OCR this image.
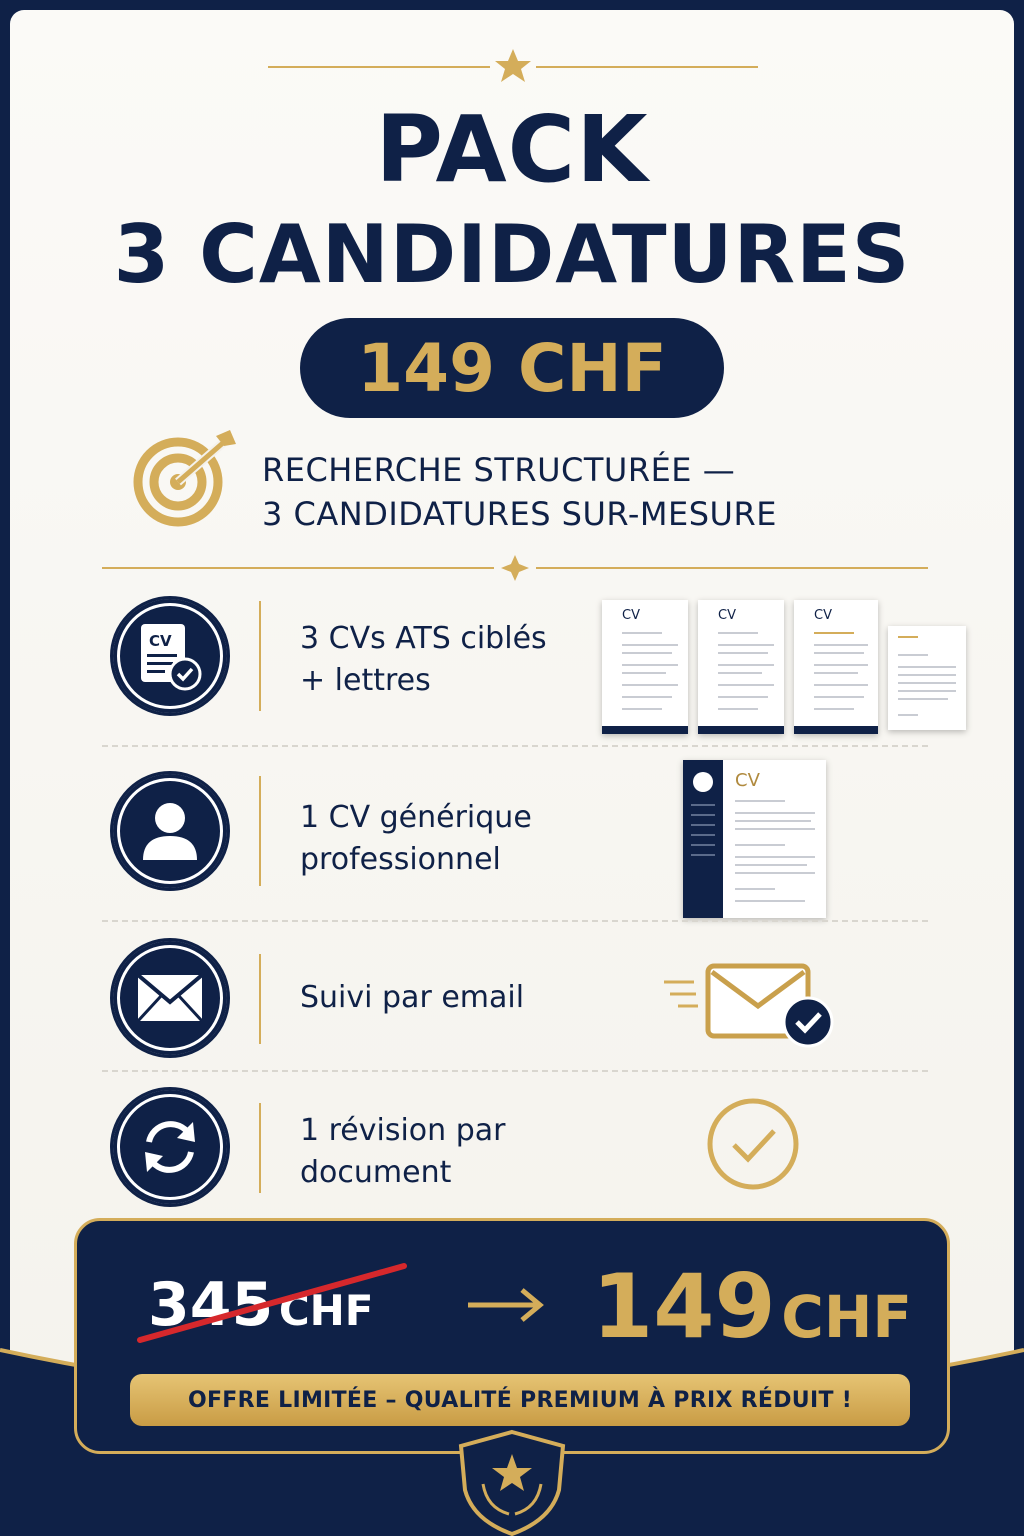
PACK
3 CANDIDATURES
149 CHF
RECHERCHE STRUCTURÉE —
3 CANDIDATURES SUR-MESURE
CV	3 CVs ATS ciblés
+ lettres
CV	CV	CV
1 CV générique
professionnel
CV
Suivi par email
1 révision par
document
345 CHF 149 CHF
OFFRE LIMITÉE – QUALITÉ PREMIUM À PRIX RÉDUIT !
